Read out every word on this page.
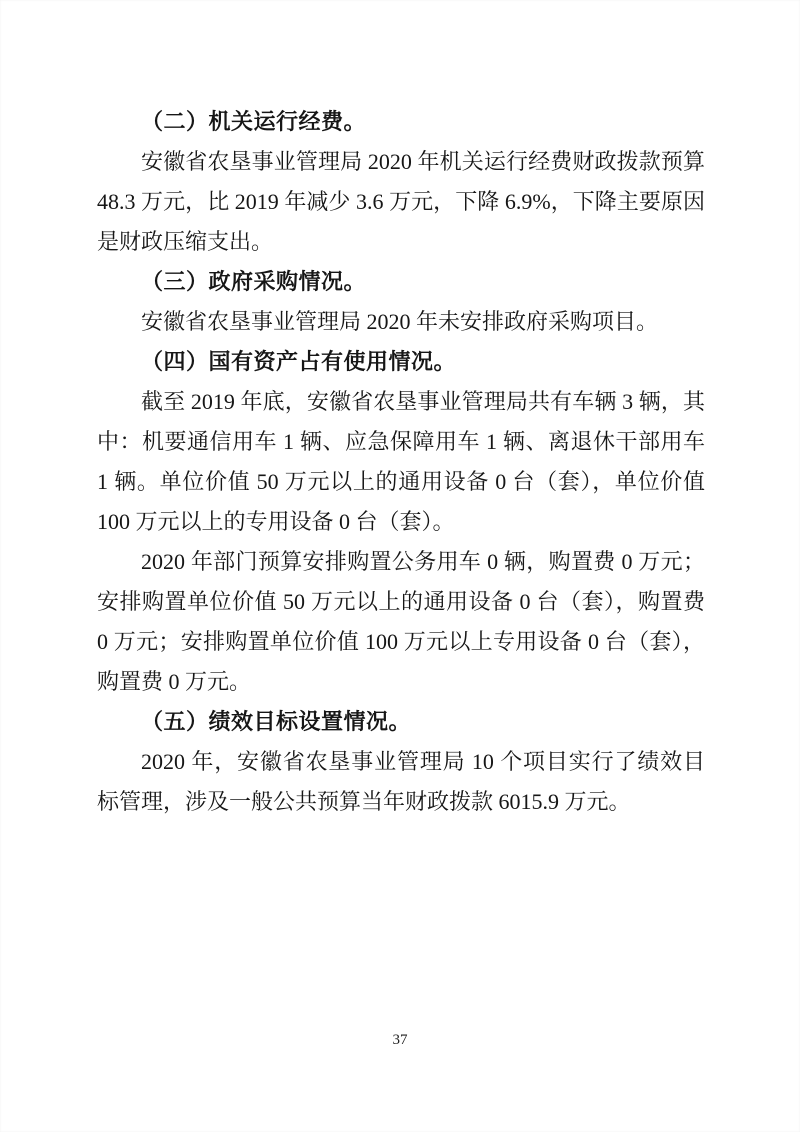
（二）机关运行经费。

安徽省农垦事业管理局 2020 年机关运行经费财政拨款预算 48.3 万元，比 2019 年减少 3.6 万元，下降 6.9%，下降主要原因是财政压缩支出。

（三）政府采购情况。

安徽省农垦事业管理局 2020 年未安排政府采购项目。

（四）国有资产占有使用情况。

截至 2019 年底，安徽省农垦事业管理局共有车辆 3 辆，其中：机要通信用车 1 辆、应急保障用车 1 辆、离退休干部用车 1 辆。单位价值 50 万元以上的通用设备 0 台（套），单位价值 100 万元以上的专用设备 0 台（套）。

2020 年部门预算安排购置公务用车 0 辆，购置费 0 万元；安排购置单位价值 50 万元以上的通用设备 0 台（套），购置费 0 万元；安排购置单位价值 100 万元以上专用设备 0 台（套），购置费 0 万元。

（五）绩效目标设置情况。

2020 年，安徽省农垦事业管理局 10 个项目实行了绩效目标管理，涉及一般公共预算当年财政拨款 6015.9 万元。

37
